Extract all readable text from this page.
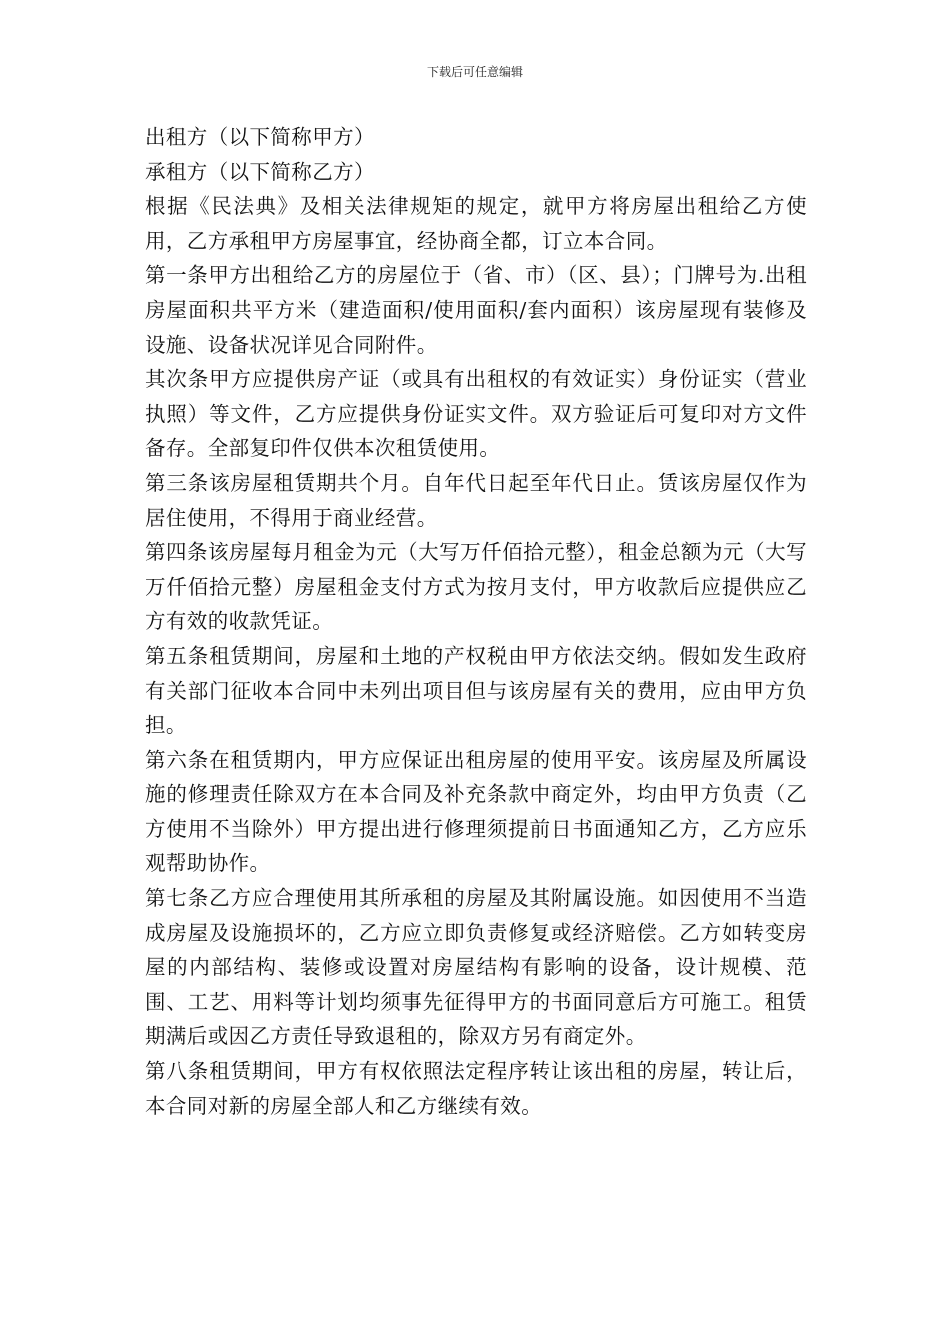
下载后可任意编辑

出租方（以下简称甲方）

承租方（以下简称乙方）

根据《民法典》及相关法律规矩的规定，就甲方将房屋出租给乙方使用，乙方承租甲方房屋事宜，经协商全都，订立本合同。

第一条甲方出租给乙方的房屋位于（省、市）（区、县）；门牌号为.出租房屋面积共平方米（建造面积/使用面积/套内面积）该房屋现有装修及设施、设备状况详见合同附件。

其次条甲方应提供房产证（或具有出租权的有效证实）身份证实（营业执照）等文件，乙方应提供身份证实文件。双方验证后可复印对方文件备存。全部复印件仅供本次租赁使用。

第三条该房屋租赁期共个月。自年代日起至年代日止。赁该房屋仅作为居住使用，不得用于商业经营。

第四条该房屋每月租金为元（大写万仟佰拾元整），租金总额为元（大写万仟佰拾元整）房屋租金支付方式为按月支付，甲方收款后应提供应乙方有效的收款凭证。

第五条租赁期间，房屋和土地的产权税由甲方依法交纳。假如发生政府有关部门征收本合同中未列出项目但与该房屋有关的费用，应由甲方负担。

第六条在租赁期内，甲方应保证出租房屋的使用平安。该房屋及所属设施的修理责任除双方在本合同及补充条款中商定外，均由甲方负责（乙方使用不当除外）甲方提出进行修理须提前日书面通知乙方，乙方应乐观帮助协作。

第七条乙方应合理使用其所承租的房屋及其附属设施。如因使用不当造成房屋及设施损坏的，乙方应立即负责修复或经济赔偿。乙方如转变房屋的内部结构、装修或设置对房屋结构有影响的设备，设计规模、范围、工艺、用料等计划均须事先征得甲方的书面同意后方可施工。租赁期满后或因乙方责任导致退租的，除双方另有商定外。

第八条租赁期间，甲方有权依照法定程序转让该出租的房屋，转让后，本合同对新的房屋全部人和乙方继续有效。
